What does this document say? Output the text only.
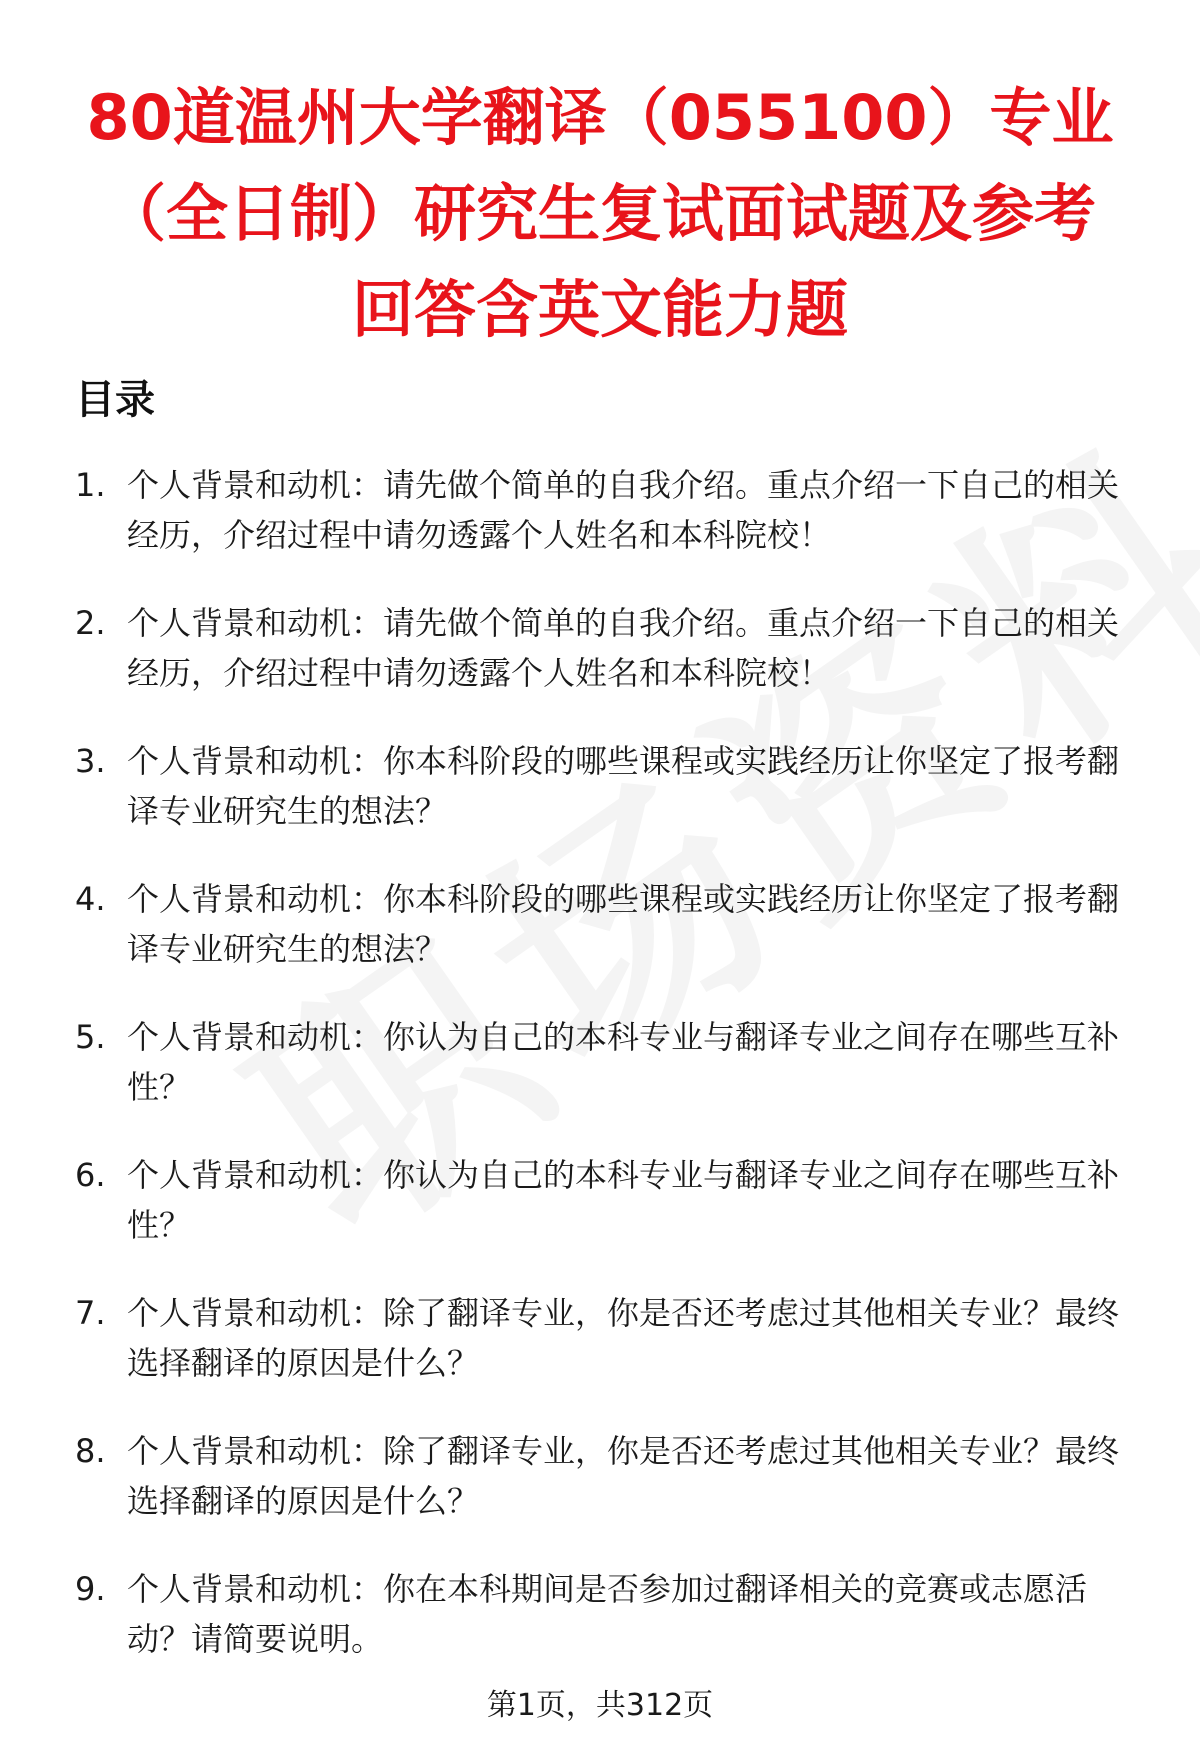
80道温州大学翻译（055100）专业（全日制）研究生复试面试题及参考回答含英文能力题
目录
1. 个人背景和动机：请先做个简单的自我介绍。重点介绍一下自己的相关经历，介绍过程中请勿透露个人姓名和本科院校！
2. 个人背景和动机：请先做个简单的自我介绍。重点介绍一下自己的相关经历，介绍过程中请勿透露个人姓名和本科院校！
3. 个人背景和动机：你本科阶段的哪些课程或实践经历让你坚定了报考翻译专业研究生的想法？
4. 个人背景和动机：你本科阶段的哪些课程或实践经历让你坚定了报考翻译专业研究生的想法？
5. 个人背景和动机：你认为自己的本科专业与翻译专业之间存在哪些互补性？
6. 个人背景和动机：你认为自己的本科专业与翻译专业之间存在哪些互补性？
7. 个人背景和动机：除了翻译专业，你是否还考虑过其他相关专业？最终选择翻译的原因是什么？
8. 个人背景和动机：除了翻译专业，你是否还考虑过其他相关专业？最终选择翻译的原因是什么？
9. 个人背景和动机：你在本科期间是否参加过翻译相关的竞赛或志愿活动？请简要说明。
第1页，共312页
